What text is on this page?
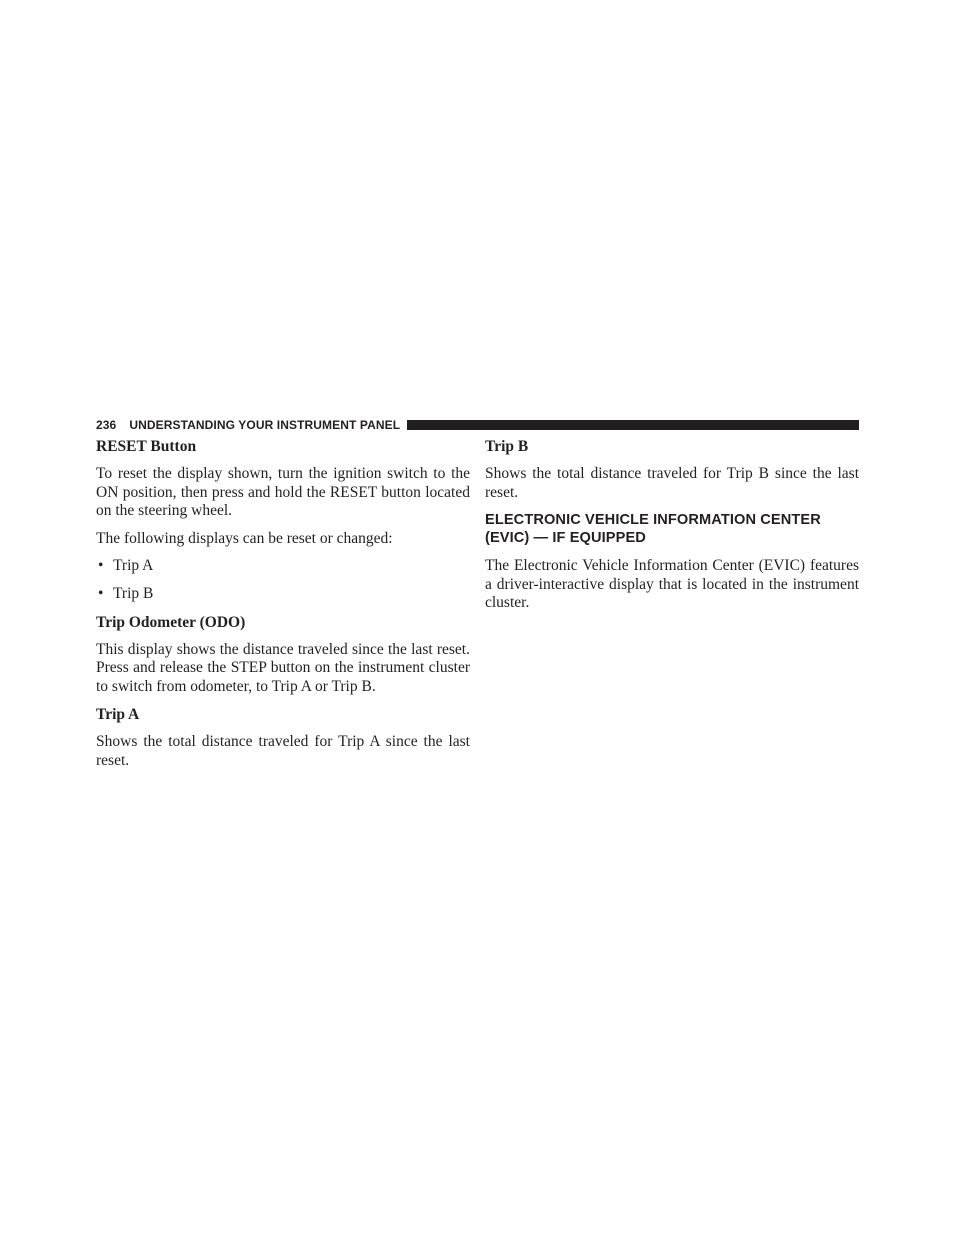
236 UNDERSTANDING YOUR INSTRUMENT PANEL
RESET Button

To reset the display shown, turn the ignition switch to the ON position, then press and hold the RESET button located on the steering wheel.

The following displays can be reset or changed:

• Trip A
• Trip B
Trip Odometer (ODO)

This display shows the distance traveled since the last reset. Press and release the STEP button on the instrument cluster to switch from odometer, to Trip A or Trip B.

Trip A

Shows the total distance traveled for Trip A since the last reset.

Trip B

Shows the total distance traveled for Trip B since the last reset.

ELECTRONIC VEHICLE INFORMATION CENTER (EVIC) — IF EQUIPPED

The Electronic Vehicle Information Center (EVIC) features a driver-interactive display that is located in the instrument cluster.
